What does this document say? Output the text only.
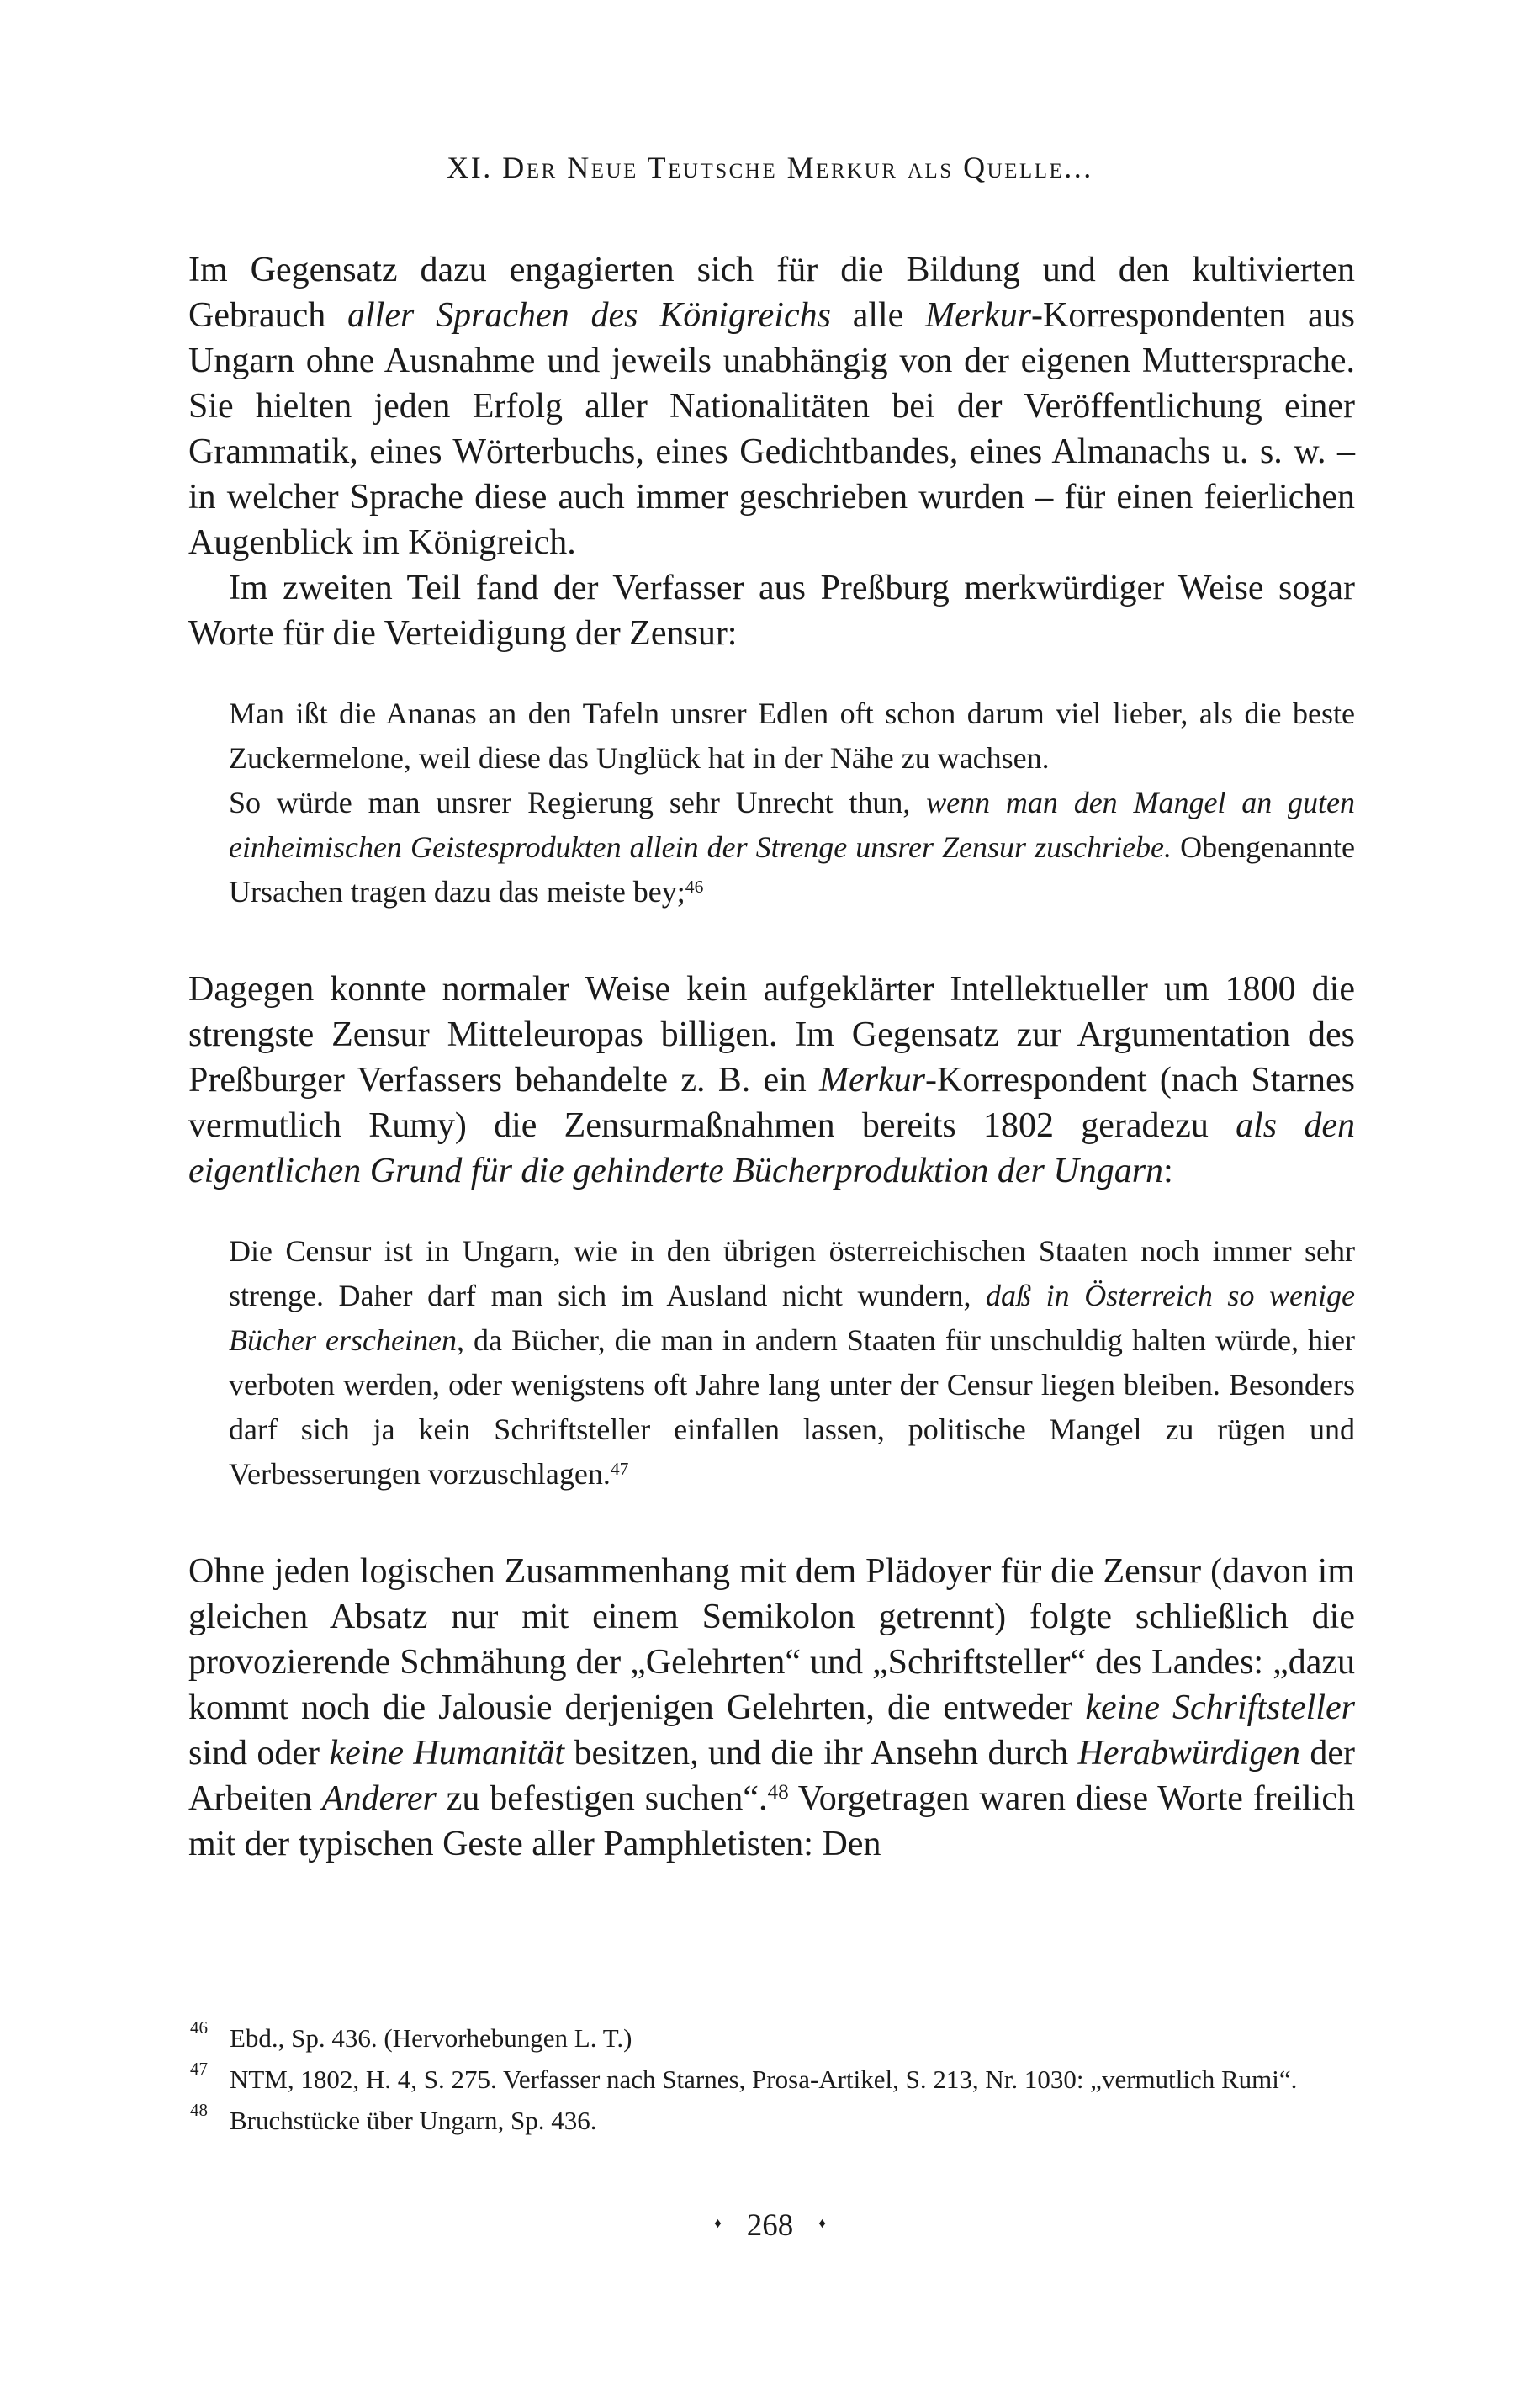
XI. Der Neue Teutsche Merkur als Quelle...

Im Gegensatz dazu engagierten sich für die Bildung und den kultivierten Gebrauch aller Sprachen des Königreichs alle Merkur-Korrespondenten aus Ungarn ohne Ausnahme und jeweils unabhängig von der eigenen Muttersprache. Sie hielten jeden Erfolg aller Nationalitäten bei der Veröffentlichung einer Grammatik, eines Wörterbuchs, eines Gedichtbandes, eines Almanachs u. s. w. – in welcher Sprache diese auch immer geschrieben wurden – für einen feierlichen Augenblick im Königreich.

Im zweiten Teil fand der Verfasser aus Preßburg merkwürdiger Weise sogar Worte für die Verteidigung der Zensur:

Man ißt die Ananas an den Tafeln unsrer Edlen oft schon darum viel lieber, als die beste Zuckermelone, weil diese das Unglück hat in der Nähe zu wachsen.

So würde man unsrer Regierung sehr Unrecht thun, wenn man den Mangel an guten einheimischen Geistesprodukten allein der Strenge unsrer Zensur zuschriebe. Obengenannte Ursachen tragen dazu das meiste bey;$^{46}$

Dagegen konnte normaler Weise kein aufgeklärter Intellektueller um 1800 die strengste Zensur Mitteleuropas billigen. Im Gegensatz zur Argumentation des Preßburger Verfassers behandelte z. B. ein Merkur-Korrespondent (nach Starnes vermutlich Rumy) die Zensurmaßnahmen bereits 1802 geradezu als den eigentlichen Grund für die gehinderte Bücherproduktion der Ungarn:

Die Censur ist in Ungarn, wie in den übrigen österreichischen Staaten noch immer sehr strenge. Daher darf man sich im Ausland nicht wundern, daß in Österreich so wenige Bücher erscheinen, da Bücher, die man in andern Staaten für unschuldig halten würde, hier verboten werden, oder wenigstens oft Jahre lang unter der Censur liegen bleiben. Besonders darf sich ja kein Schriftsteller einfallen lassen, politische Mangel zu rügen und Verbesserungen vorzuschlagen.$^{47}$

Ohne jeden logischen Zusammenhang mit dem Plädoyer für die Zensur (davon im gleichen Absatz nur mit einem Semikolon getrennt) folgte schließlich die provozierende Schmähung der „Gelehrten“ und „Schriftsteller“ des Landes: „dazu kommt noch die Jalousie derjenigen Gelehrten, die entweder keine Schriftsteller sind oder keine Humanität besitzen, und die ihr Ansehn durch Herabwürdigen der Arbeiten Anderer zu befestigen suchen“.$^{48}$ Vorgetragen waren diese Worte freilich mit der typischen Geste aller Pamphletisten: Den

46 Ebd., Sp. 436. (Hervorhebungen L. T.)
47 NTM, 1802, H. 4, S. 275. Verfasser nach Starnes, Prosa-Artikel, S. 213, Nr. 1030: „vermutlich Rumi“.
48 Bruchstücke über Ungarn, Sp. 436.
♦ 268 ♦
